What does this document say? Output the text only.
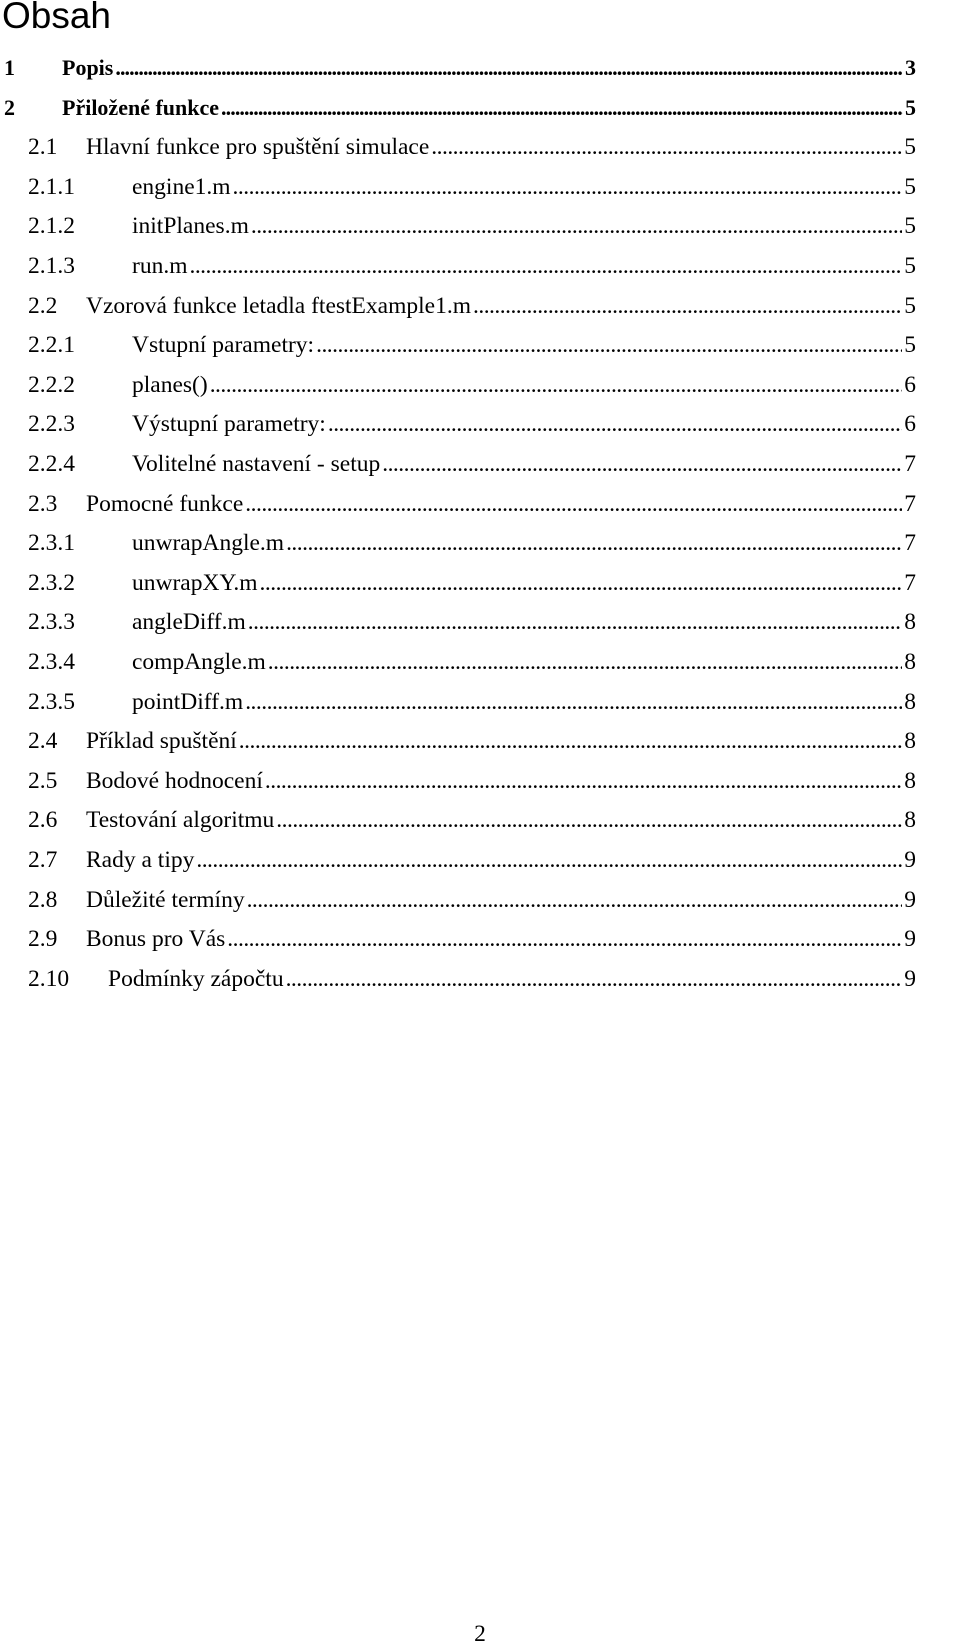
Obsah
1	Popis . . .	3
2	Přiložené funkce . . .	5
2.1	Hlavní funkce pro spuštění simulace . . .	5
2.1.1	engine1.m . . .	5
2.1.2	initPlanes.m . . .	5
2.1.3	run.m . . .	5
2.2	Vzorová funkce letadla ftestExample1.m . . .	5
2.2.1	Vstupní parametry: . . .	5
2.2.2	planes() . . .	6
2.2.3	Výstupní parametry: . . .	6
2.2.4	Volitelné nastavení - setup . . .	7
2.3	Pomocné funkce . . .	7
2.3.1	unwrapAngle.m . . .	7
2.3.2	unwrapXY.m . . .	7
2.3.3	angleDiff.m . . .	8
2.3.4	compAngle.m . . .	8
2.3.5	pointDiff.m . . .	8
2.4	Příklad spuštění . . .	8
2.5	Bodové hodnocení . . .	8
2.6	Testování algoritmu . . .	8
2.7	Rady a tipy . . .	9
2.8	Důležité termíny . . .	9
2.9	Bonus pro Vás . . .	9
2.10	Podmínky zápočtu . . .	9
2
